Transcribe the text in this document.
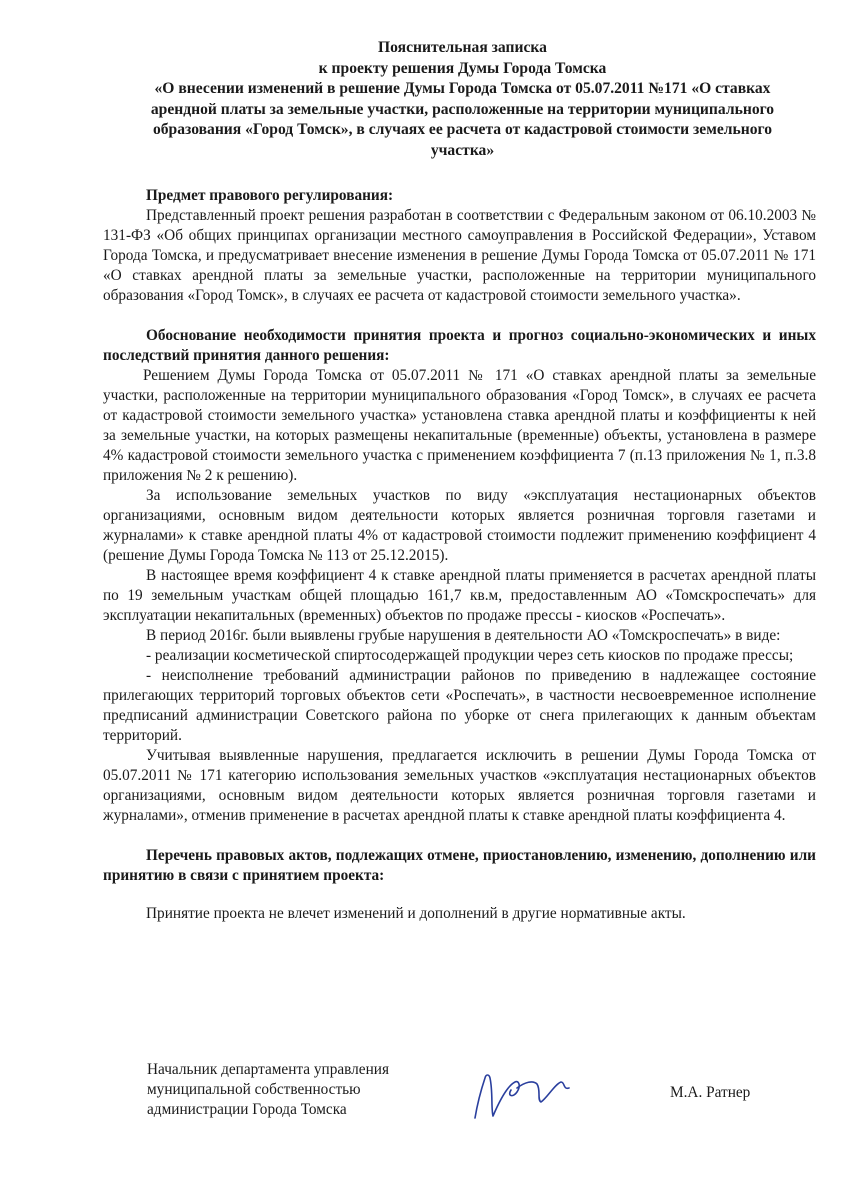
Пояснительная записка
к проекту решения Думы Города Томска
«О внесении изменений в решение Думы Города Томска от 05.07.2011 №171 «О ставках
арендной платы за земельные участки, расположенные на территории муниципального
образования «Город Томск», в случаях ее расчета от кадастровой стоимости земельного
участка»

Предмет правового регулирования:

Представленный проект решения разработан в соответствии с Федеральным законом от 06.10.2003 № 131-ФЗ «Об общих принципах организации местного самоуправления в Российской Федерации», Уставом Города Томска, и предусматривает внесение изменения в решение Думы Города Томска от 05.07.2011 № 171 «О ставках арендной платы за земельные участки, расположенные на территории муниципального образования «Город Томск», в случаях ее расчета от кадастровой стоимости земельного участка».

Обоснование необходимости принятия проекта и прогноз социально-экономических и иных последствий принятия данного решения:

Решением Думы Города Томска от 05.07.2011 № 171 «О ставках арендной платы за земельные участки, расположенные на территории муниципального образования «Город Томск», в случаях ее расчета от кадастровой стоимости земельного участка» установлена ставка арендной платы и коэффициенты к ней за земельные участки, на которых размещены некапитальные (временные) объекты, установлена в размере 4% кадастровой стоимости земельного участка с применением коэффициента 7 (п.13 приложения № 1, п.3.8 приложения № 2 к решению).

За использование земельных участков по виду «эксплуатация нестационарных объектов организациями, основным видом деятельности которых является розничная торговля газетами и журналами» к ставке арендной платы 4% от кадастровой стоимости подлежит применению коэффициент 4 (решение Думы Города Томска № 113 от 25.12.2015).

В настоящее время коэффициент 4 к ставке арендной платы применяется в расчетах арендной платы по 19 земельным участкам общей площадью 161,7 кв.м, предоставленным АО «Томскроспечать» для эксплуатации некапитальных (временных) объектов по продаже прессы - киосков «Роспечать».

В период 2016г. были выявлены грубые нарушения в деятельности АО «Томскроспечать» в виде:

- реализации косметической спиртосодержащей продукции через сеть киосков по продаже прессы;

- неисполнение требований администрации районов по приведению в надлежащее состояние прилегающих территорий торговых объектов сети «Роспечать», в частности несвоевременное исполнение предписаний администрации Советского района по уборке от снега прилегающих к данным объектам территорий.

Учитывая выявленные нарушения, предлагается исключить в решении Думы Города Томска от 05.07.2011 № 171 категорию использования земельных участков «эксплуатация нестационарных объектов организациями, основным видом деятельности которых является розничная торговля газетами и журналами», отменив применение в расчетах арендной платы к ставке арендной платы коэффициента 4.

Перечень правовых актов, подлежащих отмене, приостановлению, изменению, дополнению или принятию в связи с принятием проекта:

Принятие проекта не влечет изменений и дополнений в другие нормативные акты.

Начальник департамента управления
муниципальной собственностью
администрации Города Томска
М.А. Ратнер
